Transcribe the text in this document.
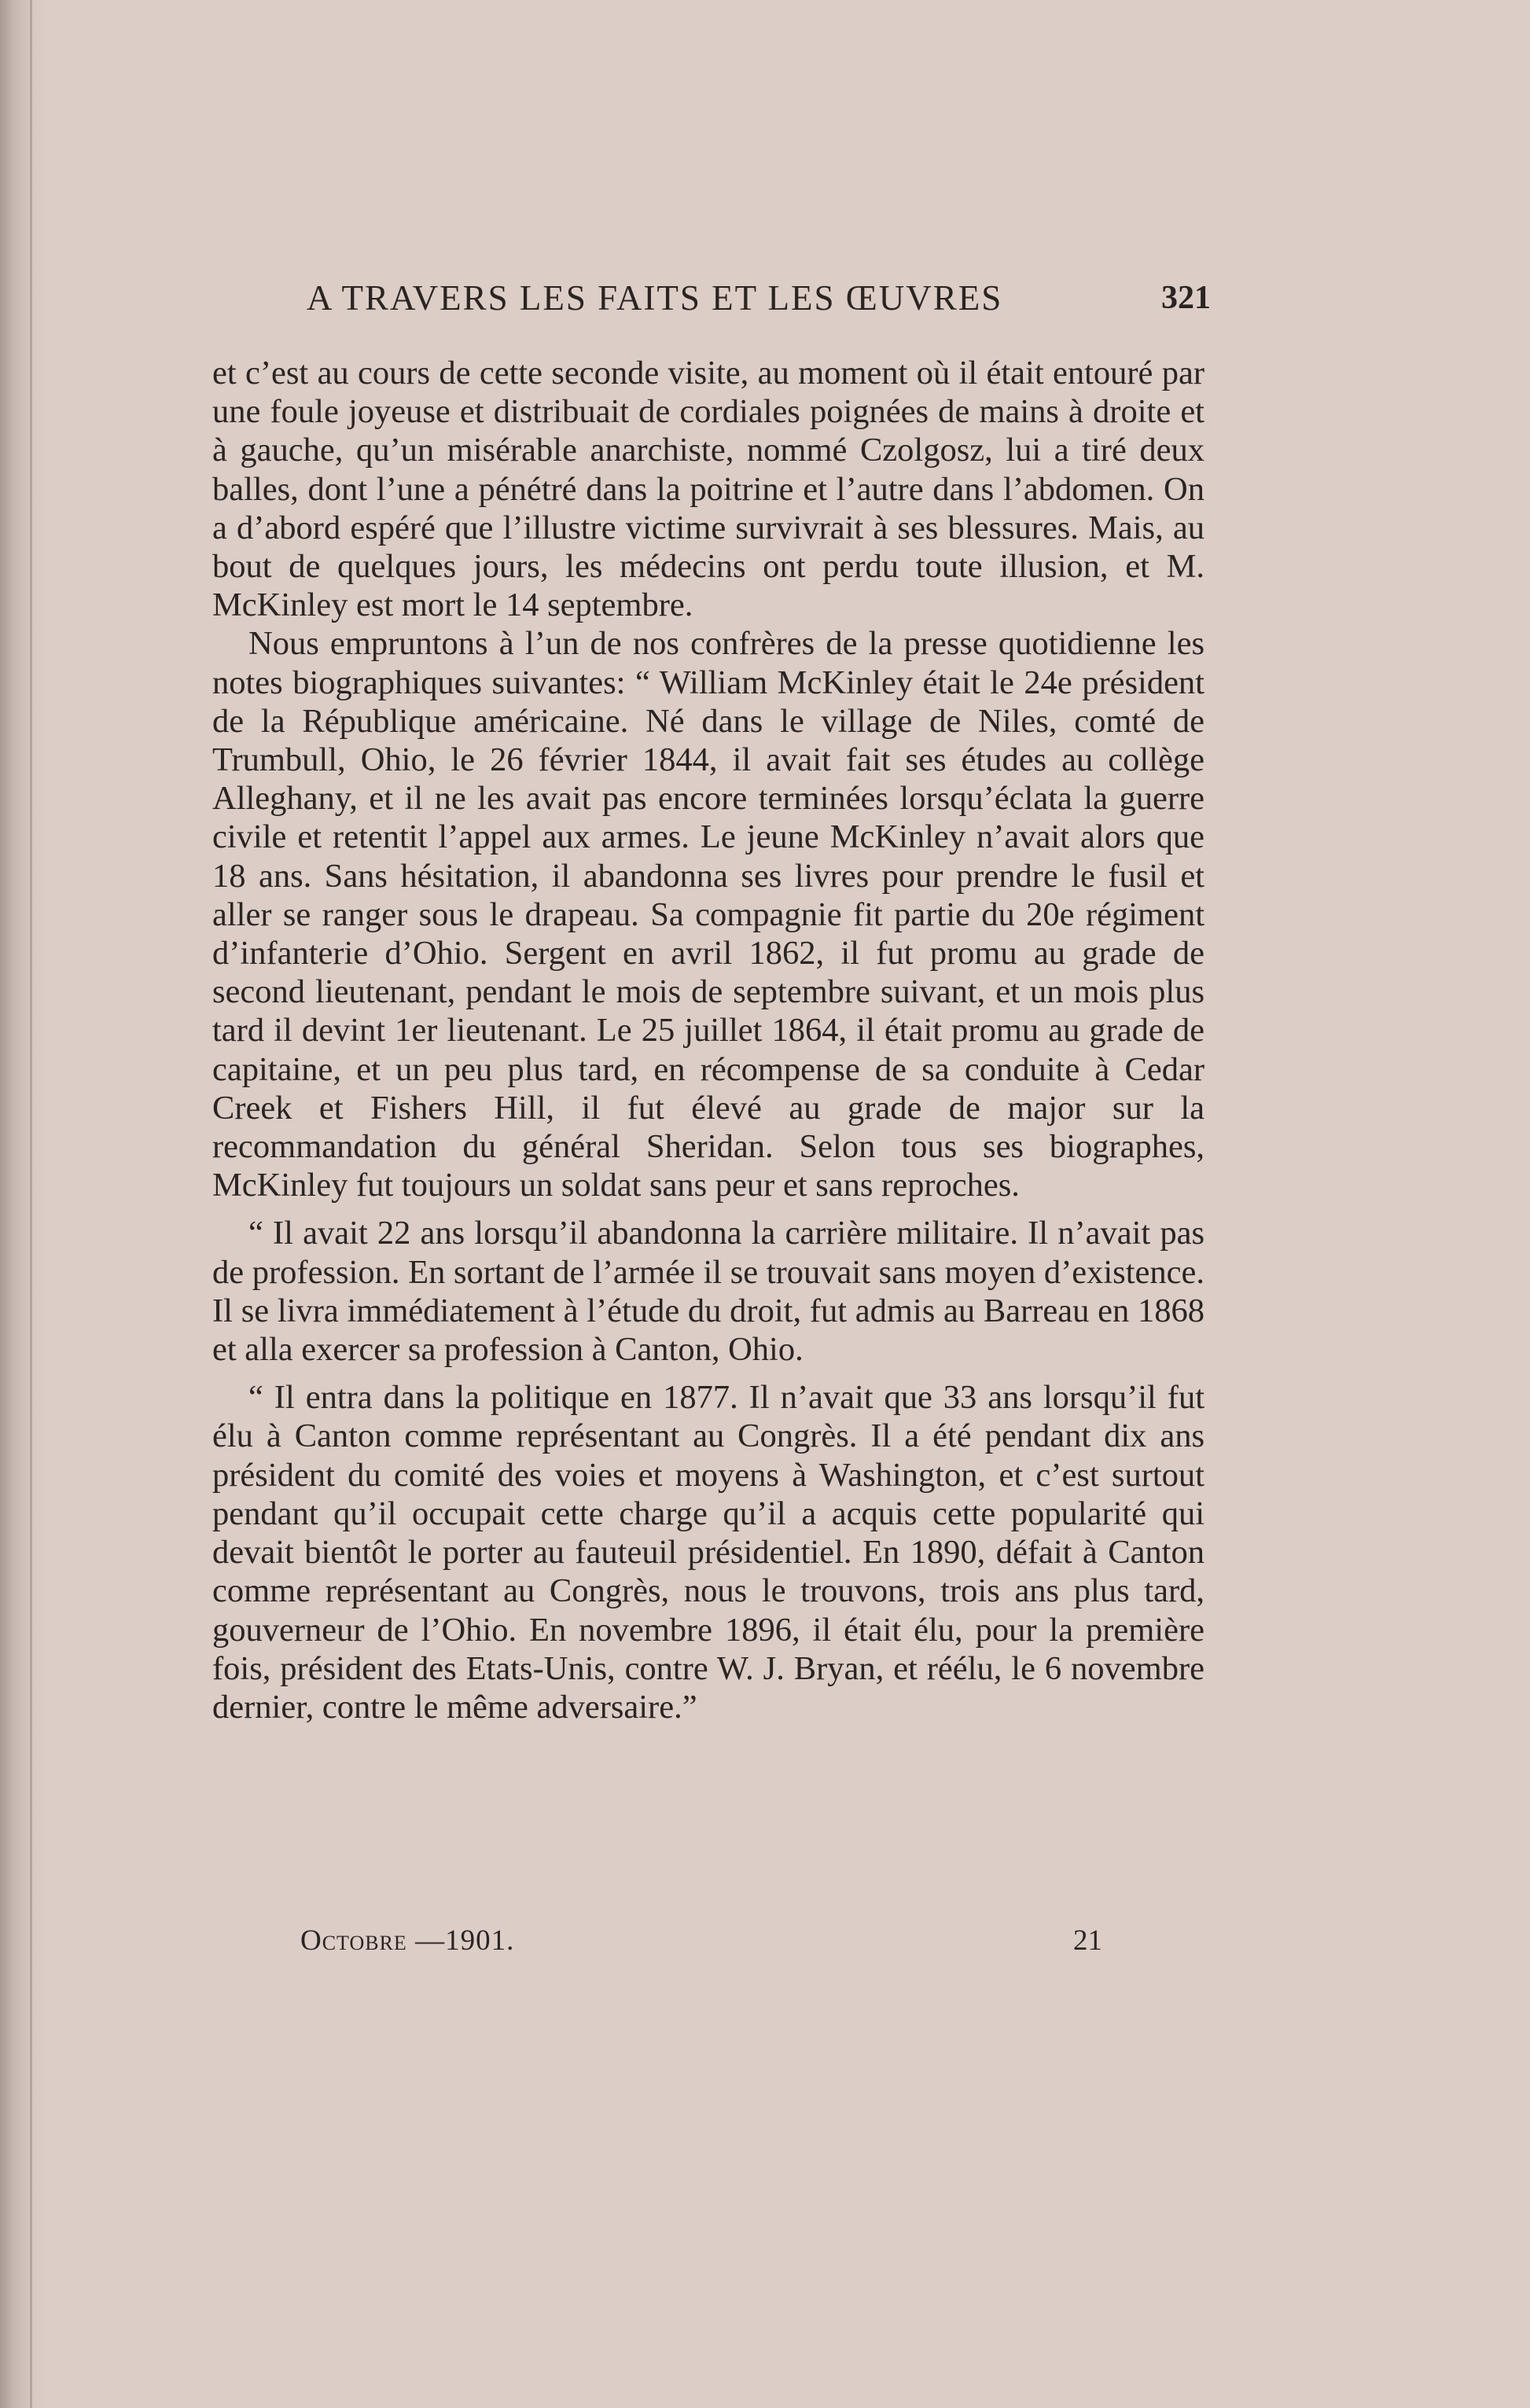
A TRAVERS LES FAITS ET LES ŒUVRES	321

et c’est au cours de cette seconde visite, au moment où il était entouré par une foule joyeuse et distribuait de cordiales poignées de mains à droite et à gauche, qu’un misérable anarchiste, nommé Czolgosz, lui a tiré deux balles, dont l’une a pénétré dans la poitrine et l’autre dans l’abdomen. On a d’abord espéré que l’illustre victime survivrait à ses blessures. Mais, au bout de quelques jours, les médecins ont perdu toute illusion, et M. McKinley est mort le 14 septembre.

Nous empruntons à l’un de nos confrères de la presse quotidienne les notes biographiques suivantes: “ William McKinley était le 24e président de la République américaine. Né dans le village de Niles, comté de Trumbull, Ohio, le 26 février 1844, il avait fait ses études au collège Alleghany, et il ne les avait pas encore terminées lorsqu’éclata la guerre civile et retentit l’appel aux armes. Le jeune McKinley n’avait alors que 18 ans. Sans hésitation, il abandonna ses livres pour prendre le fusil et aller se ranger sous le drapeau. Sa compagnie fit partie du 20e régiment d’infanterie d’Ohio. Sergent en avril 1862, il fut promu au grade de second lieutenant, pendant le mois de septembre suivant, et un mois plus tard il devint 1er lieutenant. Le 25 juillet 1864, il était promu au grade de capitaine, et un peu plus tard, en récompense de sa conduite à Cedar Creek et Fishers Hill, il fut élevé au grade de major sur la recommandation du général Sheridan. Selon tous ses biographes, McKinley fut toujours un soldat sans peur et sans reproches.

“ Il avait 22 ans lorsqu’il abandonna la carrière militaire. Il n’avait pas de profession. En sortant de l’armée il se trouvait sans moyen d’existence. Il se livra immédiatement à l’étude du droit, fut admis au Barreau en 1868 et alla exercer sa profession à Canton, Ohio.

“ Il entra dans la politique en 1877. Il n’avait que 33 ans lorsqu’il fut élu à Canton comme représentant au Congrès. Il a été pendant dix ans président du comité des voies et moyens à Washington, et c’est surtout pendant qu’il occupait cette charge qu’il a acquis cette popularité qui devait bientôt le porter au fauteuil présidentiel. En 1890, défait à Canton comme représentant au Congrès, nous le trouvons, trois ans plus tard, gouverneur de l’Ohio. En novembre 1896, il était élu, pour la première fois, président des Etats-Unis, contre W. J. Bryan, et réélu, le 6 novembre dernier, contre le même adversaire.”

Octobre —1901.	21
